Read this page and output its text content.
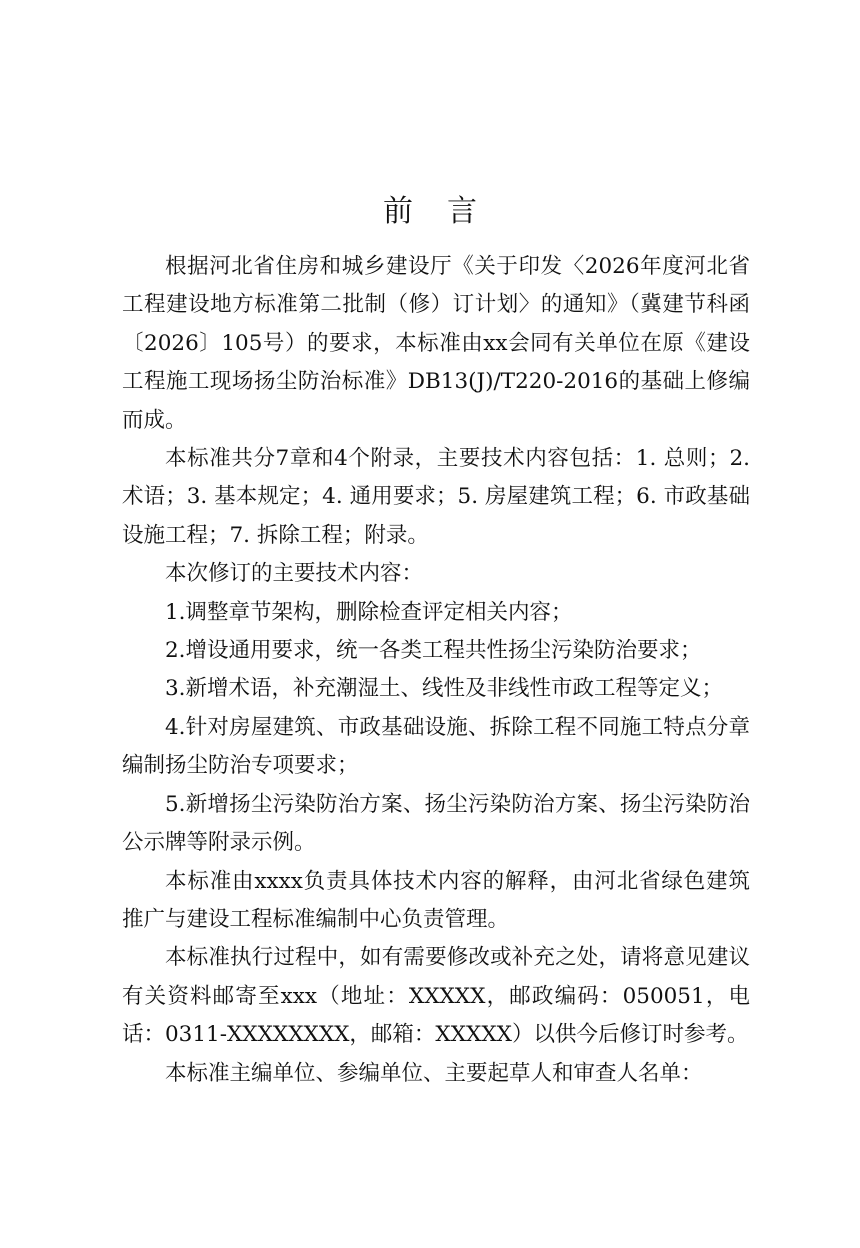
前 言

根据河北省住房和城乡建设厅《关于印发〈2026年度河北省工程建设地方标准第二批制（修）订计划〉的通知》（冀建节科函〔2026〕105号）的要求，本标准由xx会同有关单位在原《建设工程施工现场扬尘防治标准》DB13(J)/T220-2016的基础上修编而成。

本标准共分7章和4个附录，主要技术内容包括：1. 总则；2. 术语；3. 基本规定；4. 通用要求；5. 房屋建筑工程；6. 市政基础设施工程；7. 拆除工程；附录。

本次修订的主要技术内容：

1.调整章节架构，删除检查评定相关内容；

2.增设通用要求，统一各类工程共性扬尘污染防治要求；

3.新增术语，补充潮湿土、线性及非线性市政工程等定义；

4.针对房屋建筑、市政基础设施、拆除工程不同施工特点分章编制扬尘防治专项要求；

5.新增扬尘污染防治方案、扬尘污染防治方案、扬尘污染防治公示牌等附录示例。

本标准由xxxx负责具体技术内容的解释，由河北省绿色建筑推广与建设工程标准编制中心负责管理。

本标准执行过程中，如有需要修改或补充之处，请将意见建议有关资料邮寄至xxx（地址：XXXXX，邮政编码：050051，电话：0311-XXXXXXXX，邮箱：XXXXX）以供今后修订时参考。

本标准主编单位、参编单位、主要起草人和审查人名单：
